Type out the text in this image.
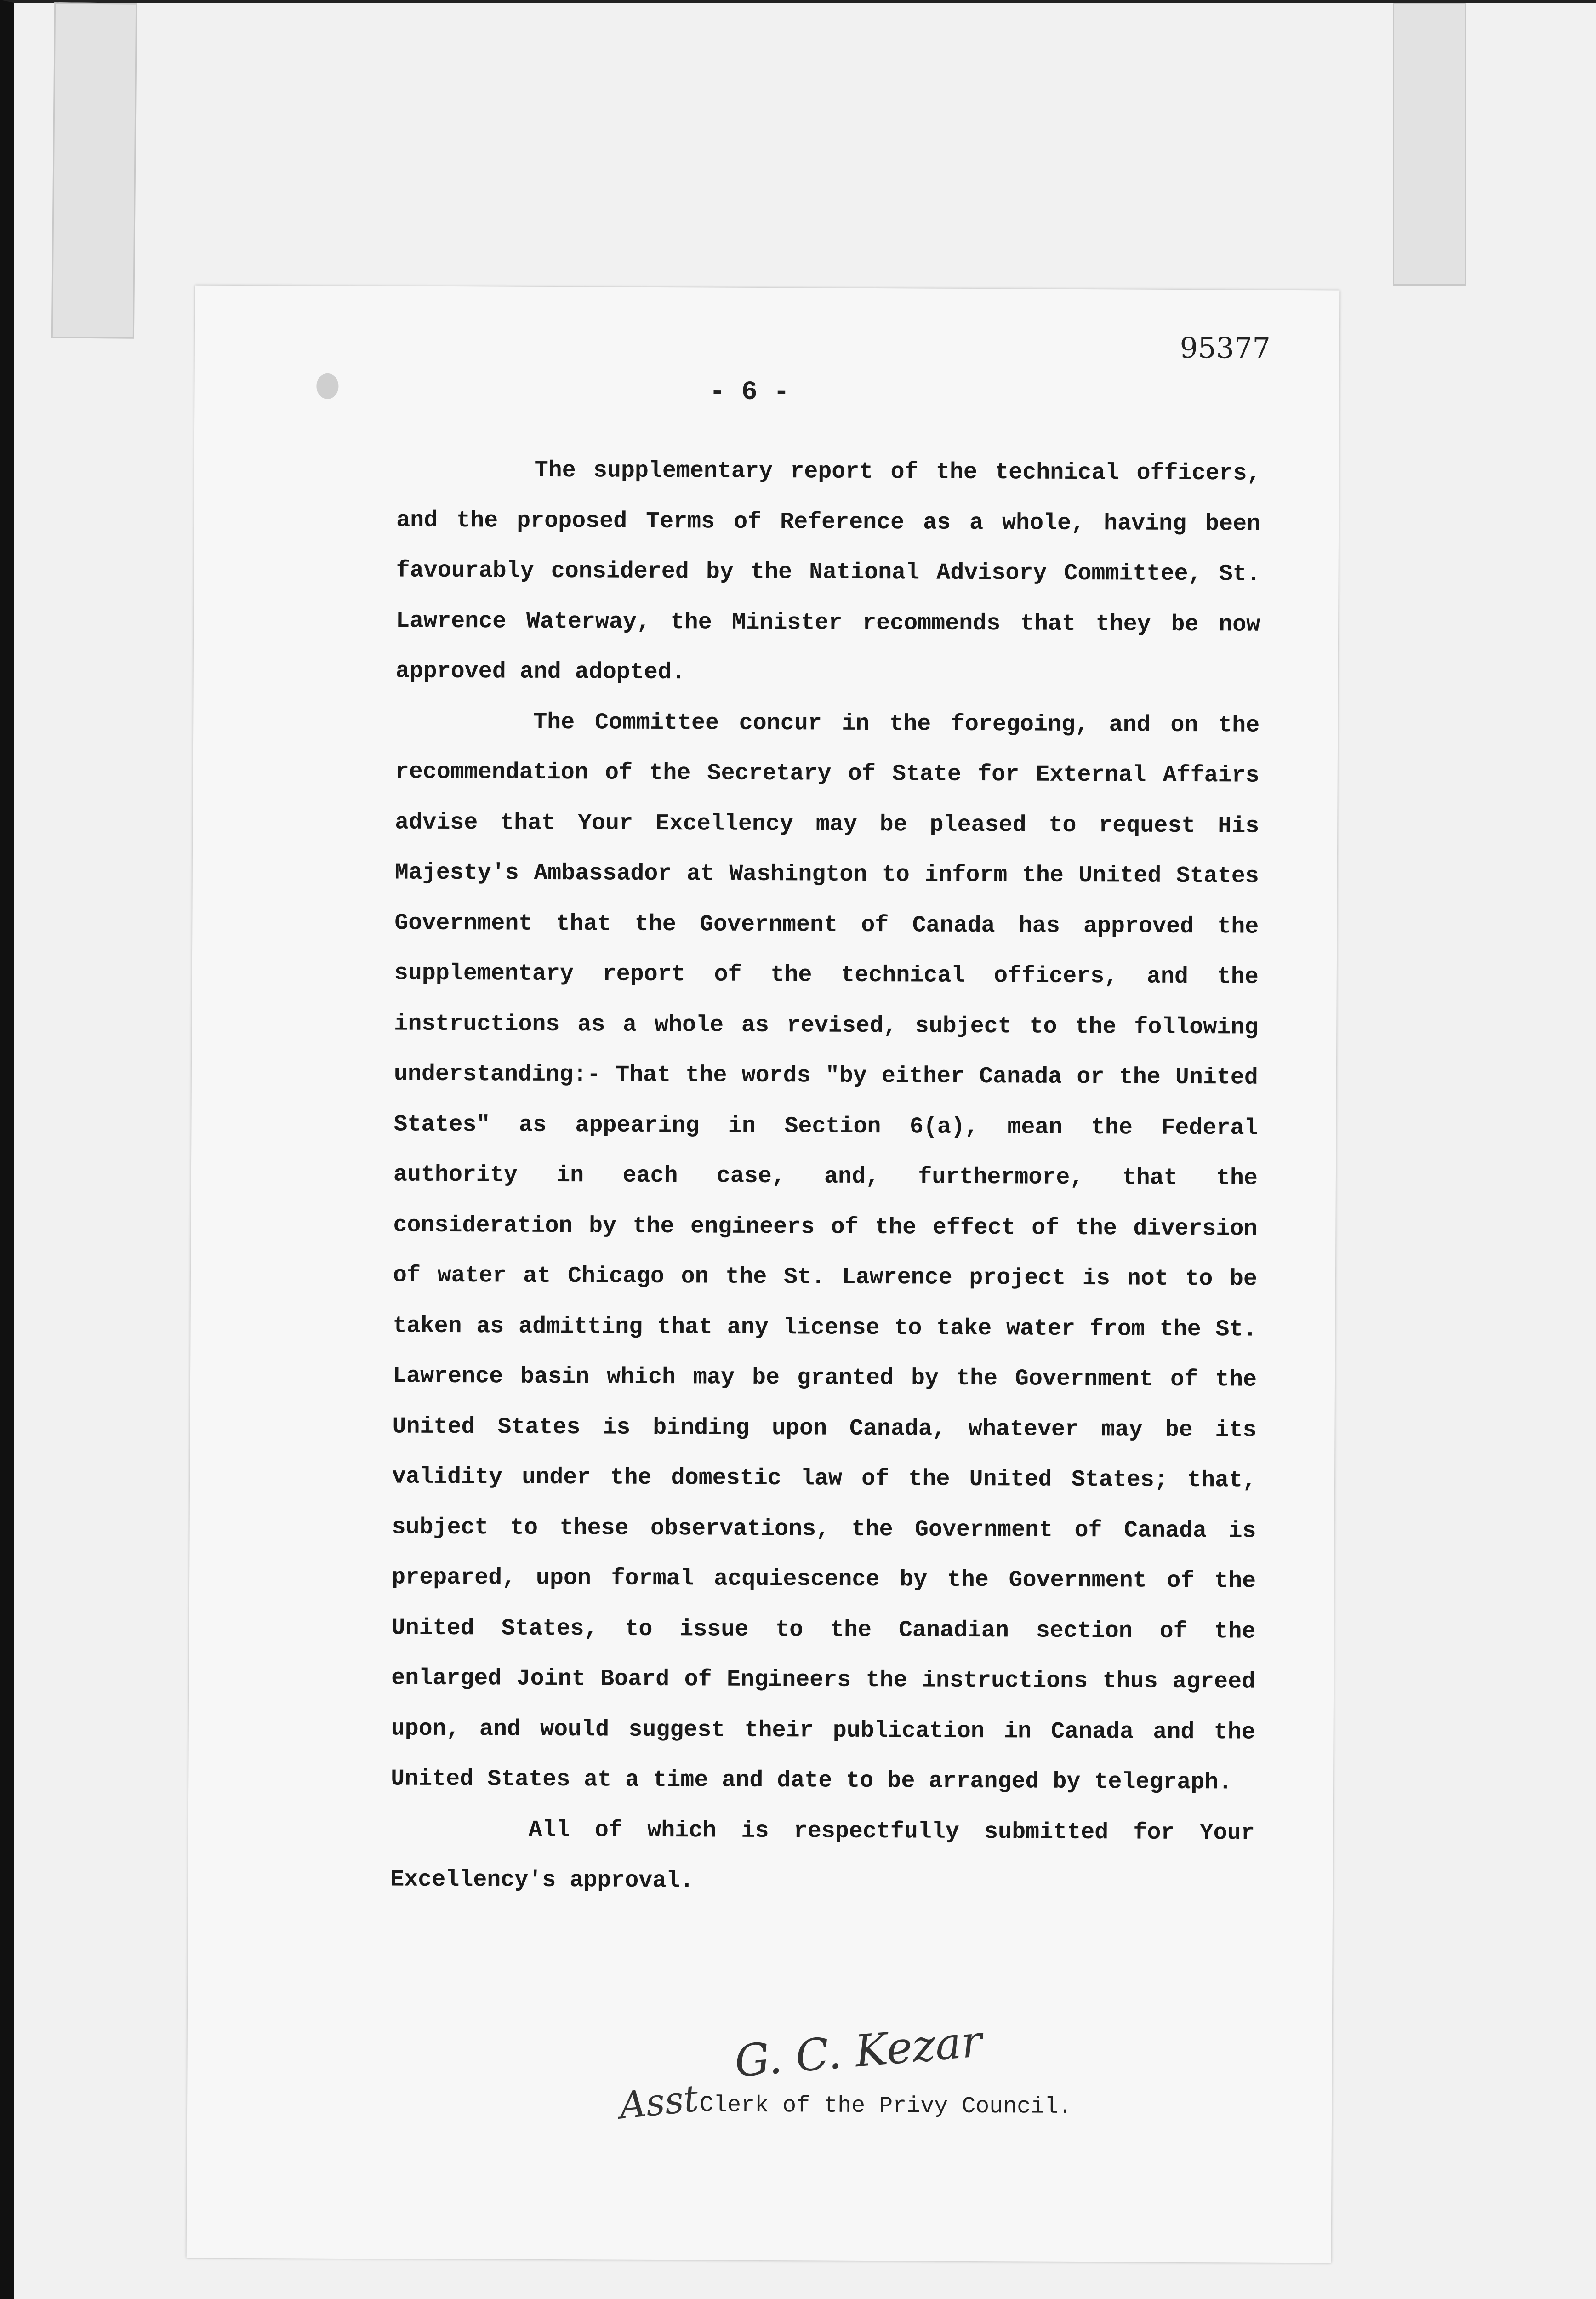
95377
- 6 -

The supplementary report of the technical officers, and the proposed Terms of Reference as a whole, having been favourably considered by the National Advisory Committee, St. Lawrence Waterway, the Minister recommends that they be now approved and adopted.

The Committee concur in the foregoing, and on the recommendation of the Secretary of State for External Affairs advise that Your Excellency may be pleased to request His Majesty's Ambassador at Washington to inform the United States Government that the Government of Canada has approved the supplementary report of the technical officers, and the instructions as a whole as revised, subject to the following understanding:- That the words "by either Canada or the United States" as appearing in Section 6(a), mean the Federal authority in each case, and, furthermore, that the consideration by the engineers of the effect of the diversion of water at Chicago on the St. Lawrence project is not to be taken as admitting that any license to take water from the St. Lawrence basin which may be granted by the Government of the United States is binding upon Canada, whatever may be its validity under the domestic law of the United States; that, subject to these observations, the Government of Canada is prepared, upon formal acquiescence by the Government of the United States, to issue to the Canadian section of the enlarged Joint Board of Engineers the instructions thus agreed upon, and would suggest their publication in Canada and the United States at a time and date to be arranged by telegraph.

All of which is respectfully submitted for Your Excellency's approval.

G. C. Kezar
Asst
Clerk of the Privy Council.
